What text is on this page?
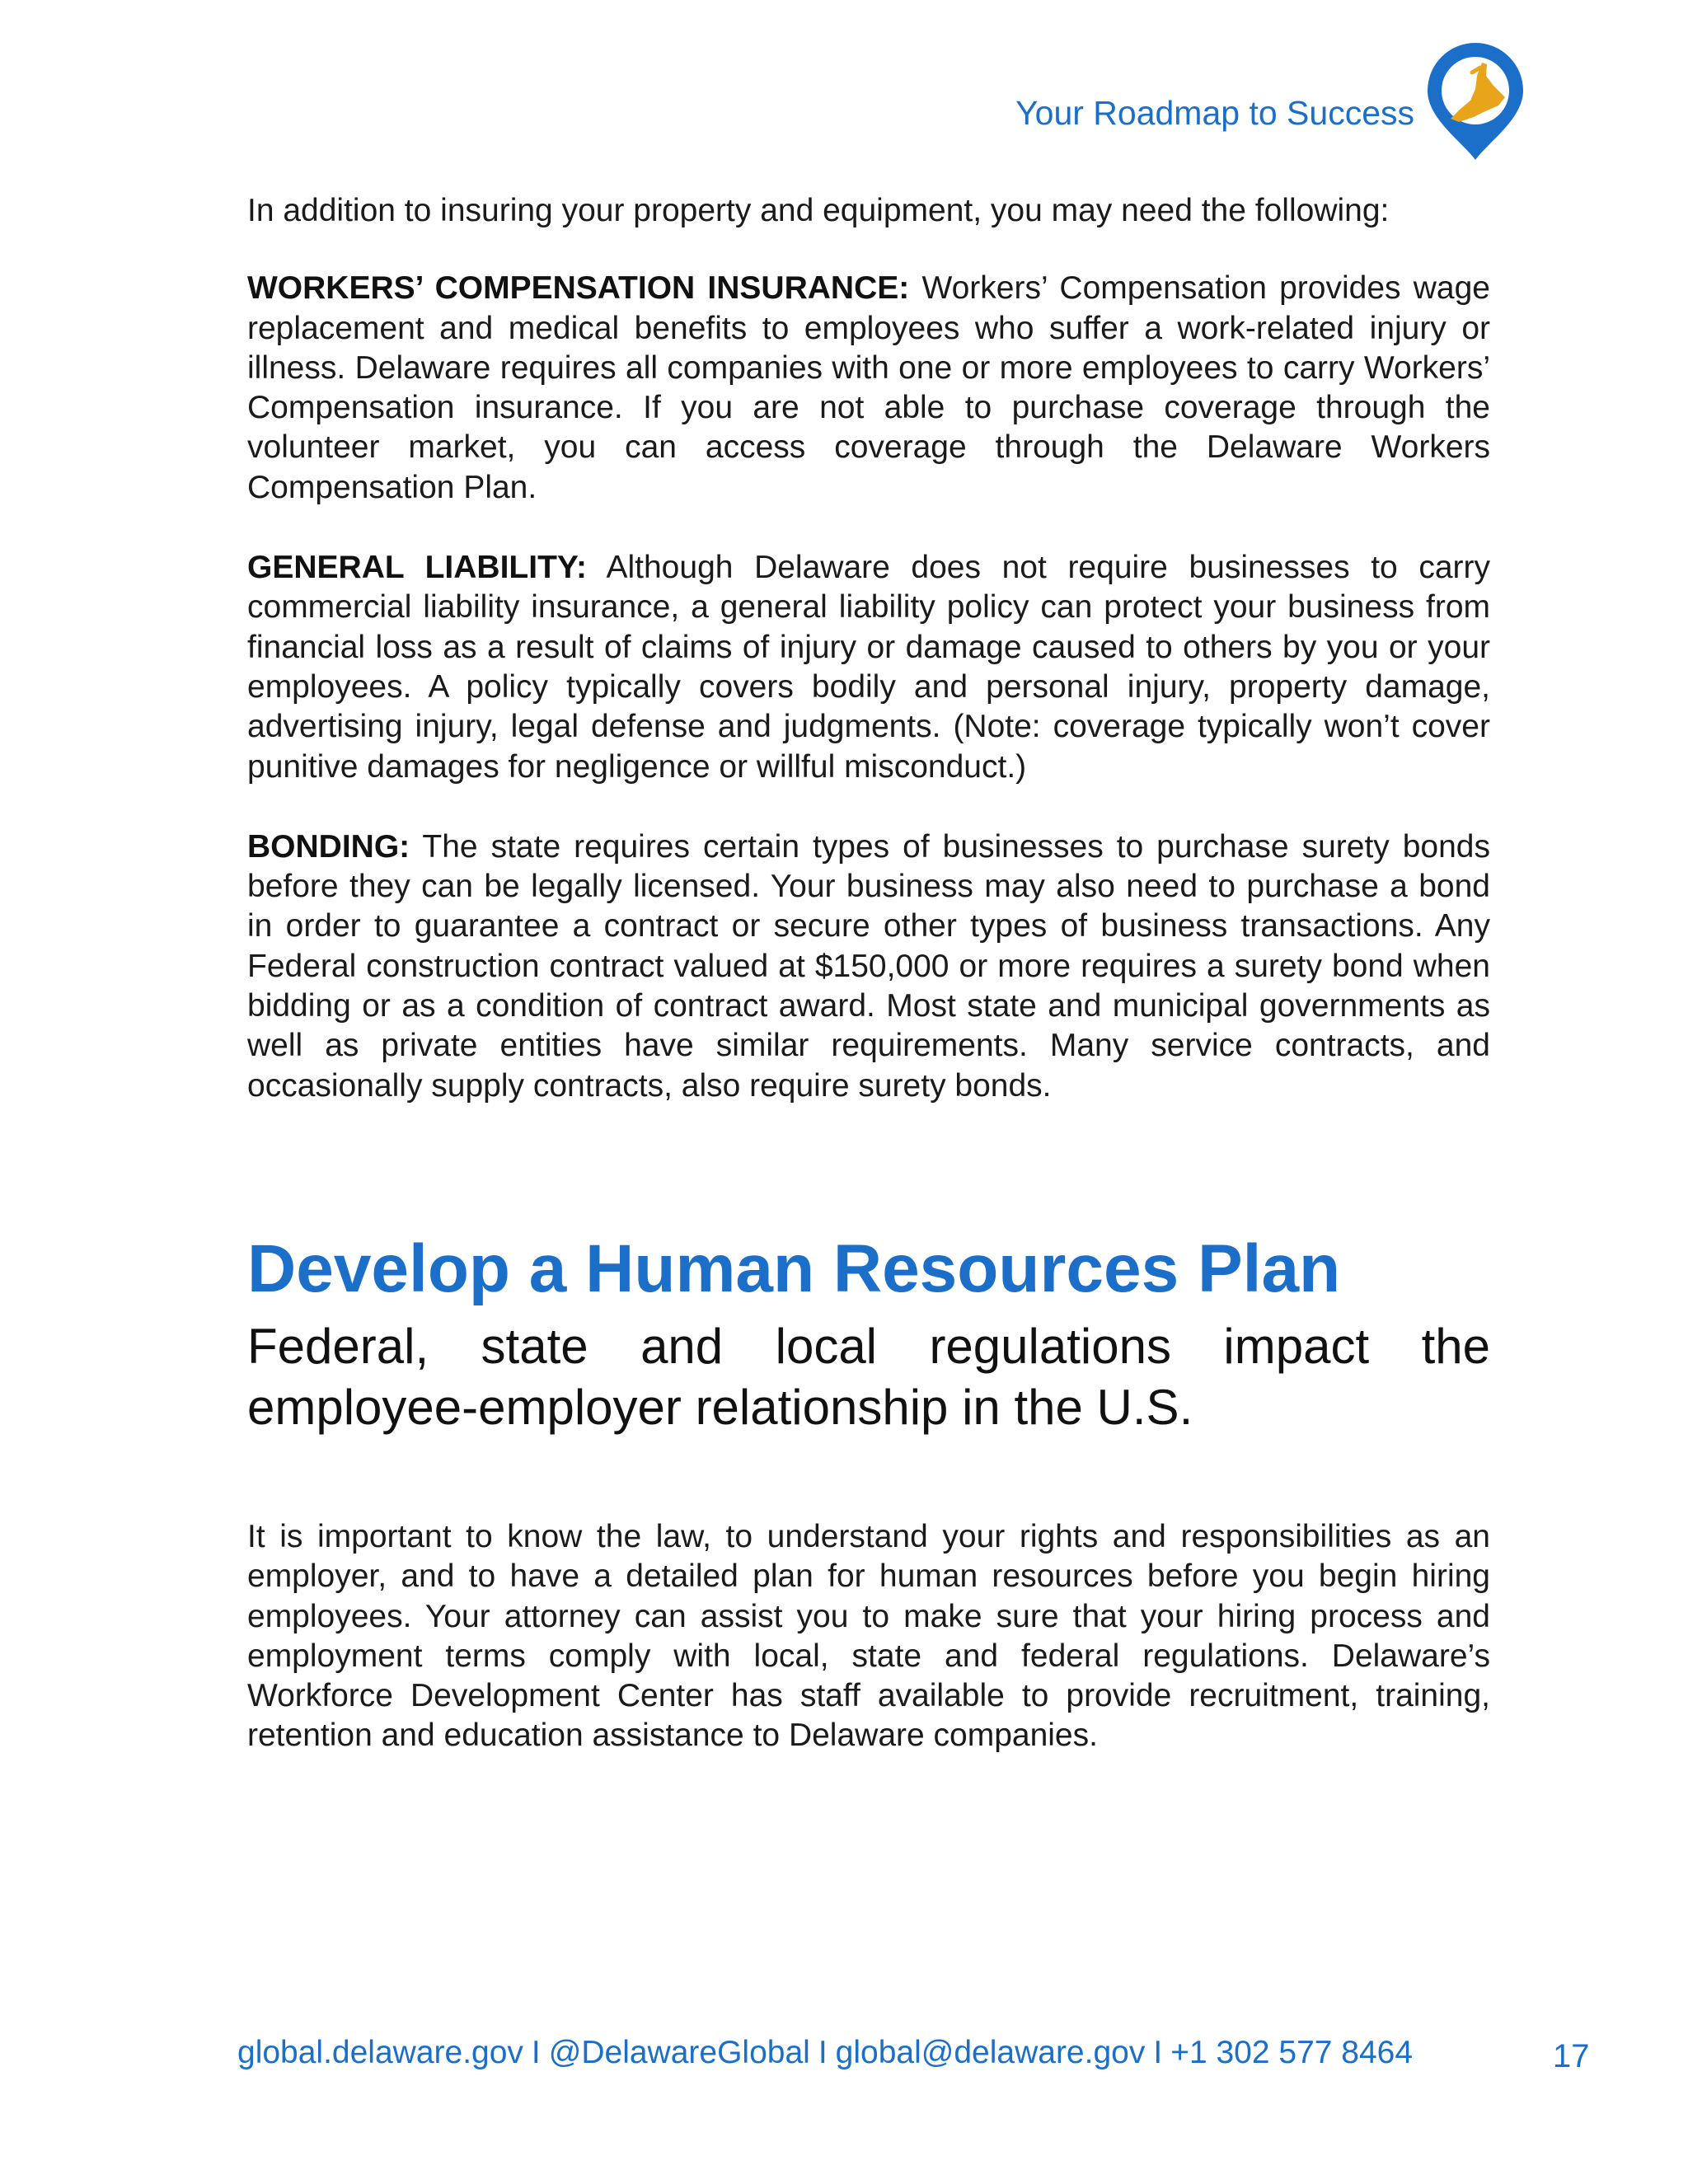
Your Roadmap to Success

In addition to insuring your property and equipment, you may need the following:

WORKERS’ COMPENSATION INSURANCE: Workers’ Compensation provides wage replacement and medical benefits to employees who suffer a work-related injury or illness. Delaware requires all companies with one or more employees to carry Workers’ Compensation insurance. If you are not able to purchase coverage through the volunteer market, you can access coverage through the Delaware Workers Compensation Plan.

GENERAL LIABILITY: Although Delaware does not require businesses to carry commercial liability insurance, a general liability policy can protect your business from financial loss as a result of claims of injury or damage caused to others by you or your employees. A policy typically covers bodily and personal injury, property damage, advertising injury, legal defense and judgments. (Note: coverage typically won’t cover punitive damages for negligence or willful misconduct.)

BONDING: The state requires certain types of businesses to purchase surety bonds before they can be legally licensed. Your business may also need to purchase a bond in order to guarantee a contract or secure other types of business transactions. Any Federal construction contract valued at $150,000 or more requires a surety bond when bidding or as a condition of contract award. Most state and municipal governments as well as private entities have similar requirements. Many service contracts, and occasionally supply contracts, also require surety bonds.

Develop a Human Resources Plan

Federal, state and local regulations impact the employee-employer relationship in the U.S.

It is important to know the law, to understand your rights and responsibilities as an employer, and to have a detailed plan for human resources before you begin hiring employees. Your attorney can assist you to make sure that your hiring process and employment terms comply with local, state and federal regulations. Delaware’s Workforce Development Center has staff available to provide recruitment, training, retention and education assistance to Delaware companies.

global.delaware.gov I @DelawareGlobal I global@delaware.gov I +1 302 577 8464	17
